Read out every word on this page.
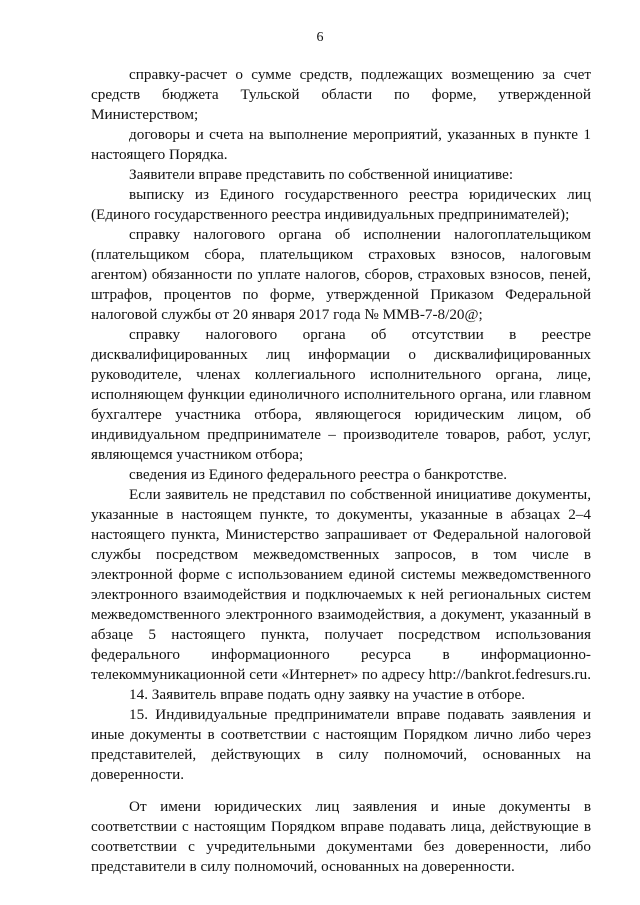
6

справку-расчет о сумме средств, подлежащих возмещению за счет средств бюджета Тульской области по форме, утвержденной Министерством;

договоры и счета на выполнение мероприятий, указанных в пункте 1 настоящего Порядка.

Заявители вправе представить по собственной инициативе:

выписку из Единого государственного реестра юридических лиц (Единого государственного реестра индивидуальных предпринимателей);

справку налогового органа об исполнении налогоплательщиком (плательщиком сбора, плательщиком страховых взносов, налоговым агентом) обязанности по уплате налогов, сборов, страховых взносов, пеней, штрафов, процентов по форме, утвержденной Приказом Федеральной налоговой службы от 20 января 2017 года № ММВ-7-8/20@;

справку налогового органа об отсутствии в реестре дисквалифицированных лиц информации о дисквалифицированных руководителе, членах коллегиального исполнительного органа, лице, исполняющем функции единоличного исполнительного органа, или главном бухгалтере участника отбора, являющегося юридическим лицом, об индивидуальном предпринимателе – производителе товаров, работ, услуг, являющемся участником отбора;

сведения из Единого федерального реестра о банкротстве.

Если заявитель не представил по собственной инициативе документы, указанные в настоящем пункте, то документы, указанные в абзацах 2–4 настоящего пункта, Министерство запрашивает от Федеральной налоговой службы посредством межведомственных запросов, в том числе в электронной форме с использованием единой системы межведомственного электронного взаимодействия и подключаемых к ней региональных систем межведомственного электронного взаимодействия, а документ, указанный в абзаце 5 настоящего пункта, получает посредством использования федерального информационного ресурса в информационно-телекоммуникационной сети «Интернет» по адресу http://bankrot.fedresurs.ru.

14. Заявитель вправе подать одну заявку на участие в отборе.

15. Индивидуальные предприниматели вправе подавать заявления и иные документы в соответствии с настоящим Порядком лично либо через представителей, действующих в силу полномочий, основанных на доверенности.

От имени юридических лиц заявления и иные документы в соответствии с настоящим Порядком вправе подавать лица, действующие в соответствии с учредительными документами без доверенности, либо представители в силу полномочий, основанных на доверенности.
